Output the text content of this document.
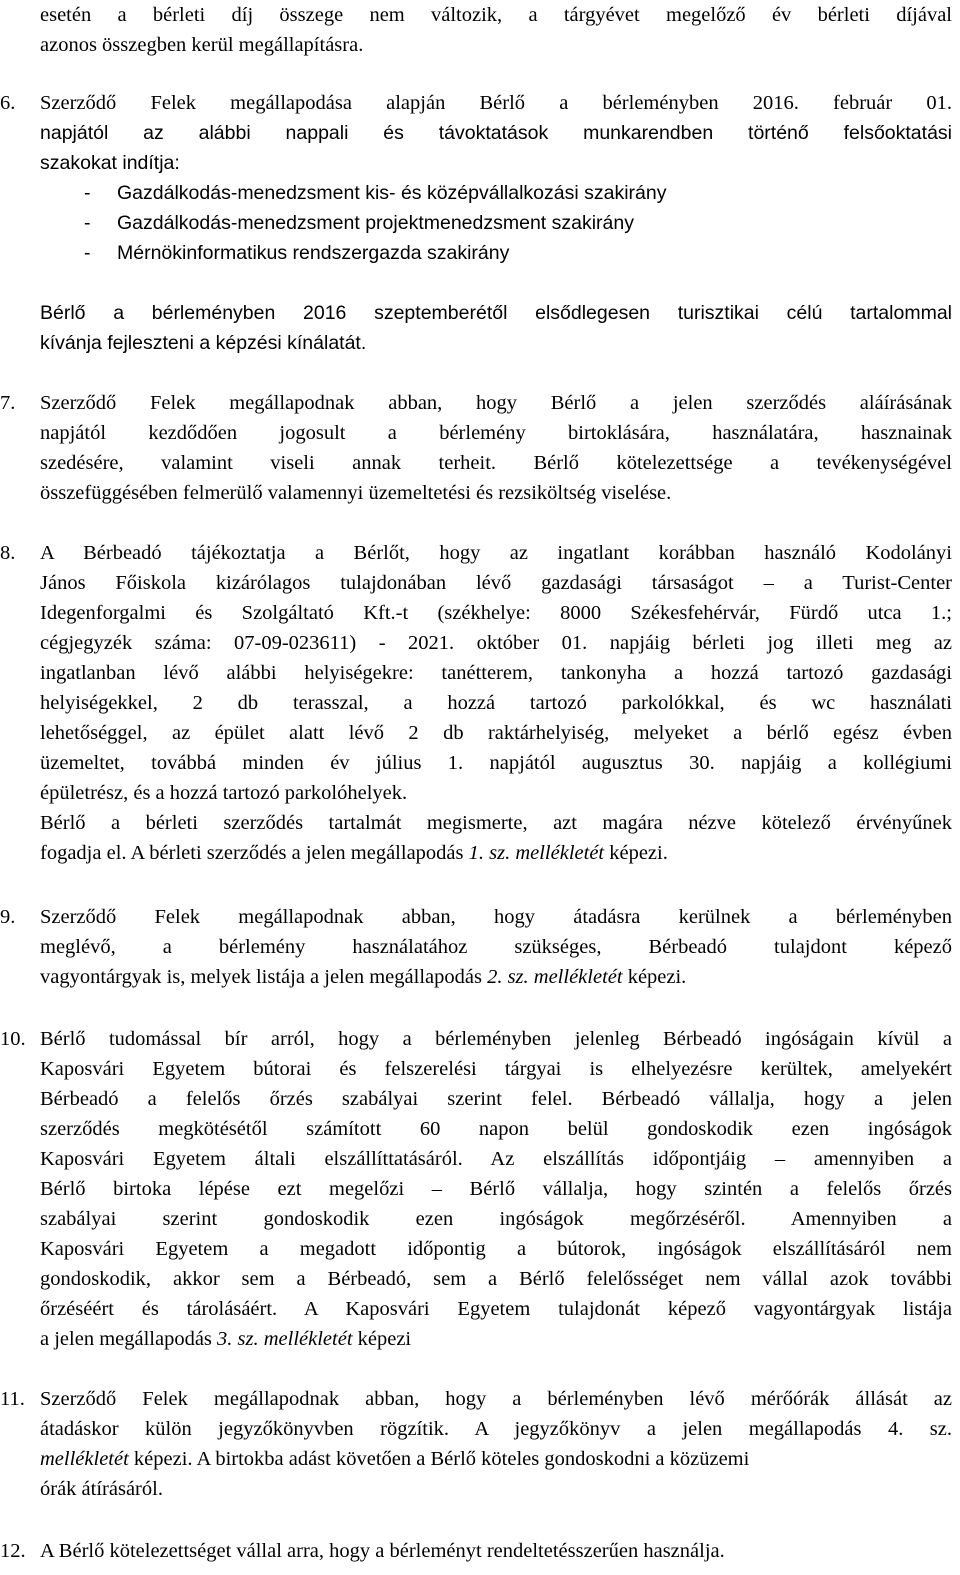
esetén a bérleti díj összege nem változik, a tárgyévet megelőző év bérleti díjával
azonos összegben kerül megállapításra.
6.	Szerződő Felek megállapodása alapján Bérlő a bérleményben 2016. február 01.
napjától az alábbi nappali és távoktatások munkarendben történő felsőoktatási
szakokat indítja:
-	Gazdálkodás-menedzsment kis- és középvállalkozási szakirány
-	Gazdálkodás-menedzsment projektmenedzsment szakirány
-	Mérnökinformatikus rendszergazda szakirány
Bérlő a bérleményben 2016 szeptemberétől elsődlegesen turisztikai célú tartalommal
kívánja fejleszteni a képzési kínálatát.
7.	Szerződő Felek megállapodnak abban, hogy Bérlő a jelen szerződés aláírásának
napjától kezdődően jogosult a bérlemény birtoklására, használatára, hasznainak
szedésére, valamint viseli annak terheit. Bérlő kötelezettsége a tevékenységével
összefüggésében felmerülő valamennyi üzemeltetési és rezsiköltség viselése.
8.	A Bérbeadó tájékoztatja a Bérlőt, hogy az ingatlant korábban használó Kodolányi
János Főiskola kizárólagos tulajdonában lévő gazdasági társaságot – a Turist-Center
Idegenforgalmi és Szolgáltató Kft.-t (székhelye: 8000 Székesfehérvár, Fürdő utca 1.;
cégjegyzék száma: 07-09-023611) - 2021. október 01. napjáig bérleti jog illeti meg az
ingatlanban lévő alábbi helyiségekre: tanétterem, tankonyha a hozzá tartozó gazdasági
helyiségekkel, 2 db terasszal, a hozzá tartozó parkolókkal, és wc használati
lehetőséggel, az épület alatt lévő 2 db raktárhelyiség, melyeket a bérlő egész évben
üzemeltet, továbbá minden év július 1. napjától augusztus 30. napjáig a kollégiumi
épületrész, és a hozzá tartozó parkolóhelyek.
Bérlő a bérleti szerződés tartalmát megismerte, azt magára nézve kötelező érvényűnek
fogadja el. A bérleti szerződés a jelen megállapodás 1. sz. mellékletét képezi.
9.	Szerződő Felek megállapodnak abban, hogy átadásra kerülnek a bérleményben
meglévő, a bérlemény használatához szükséges, Bérbeadó tulajdont képező
vagyontárgyak is, melyek listája a jelen megállapodás 2. sz. mellékletét képezi.
10. Bérlő tudomással bír arról, hogy a bérleményben jelenleg Bérbeadó ingóságain kívül a
Kaposvári Egyetem bútorai és felszerelési tárgyai is elhelyezésre kerültek, amelyekért
Bérbeadó a felelős őrzés szabályai szerint felel. Bérbeadó vállalja, hogy a jelen
szerződés megkötésétől számított 60 napon belül gondoskodik ezen ingóságok
Kaposvári Egyetem általi elszállíttatásáról. Az elszállítás időpontjáig – amennyiben a
Bérlő birtoka lépése ezt megelőzi – Bérlő vállalja, hogy szintén a felelős őrzés
szabályai szerint gondoskodik ezen ingóságok megőrzéséről. Amennyiben a
Kaposvári Egyetem a megadott időpontig a bútorok, ingóságok elszállításáról nem
gondoskodik, akkor sem a Bérbeadó, sem a Bérlő felelősséget nem vállal azok további
őrzéséért és tárolásáért. A Kaposvári Egyetem tulajdonát képező vagyontárgyak listája
a jelen megállapodás 3. sz. mellékletét képezi
11. Szerződő Felek megállapodnak abban, hogy a bérleményben lévő mérőórák állását az
átadáskor külön jegyzőkönyvben rögzítik. A jegyzőkönyv a jelen megállapodás 4. sz.
mellékletét képezi. A birtokba adást követően a Bérlő köteles gondoskodni a közüzemi
órák átírásáról.
12. A Bérlő kötelezettséget vállal arra, hogy a bérleményt rendeltetésszerűen használja.
